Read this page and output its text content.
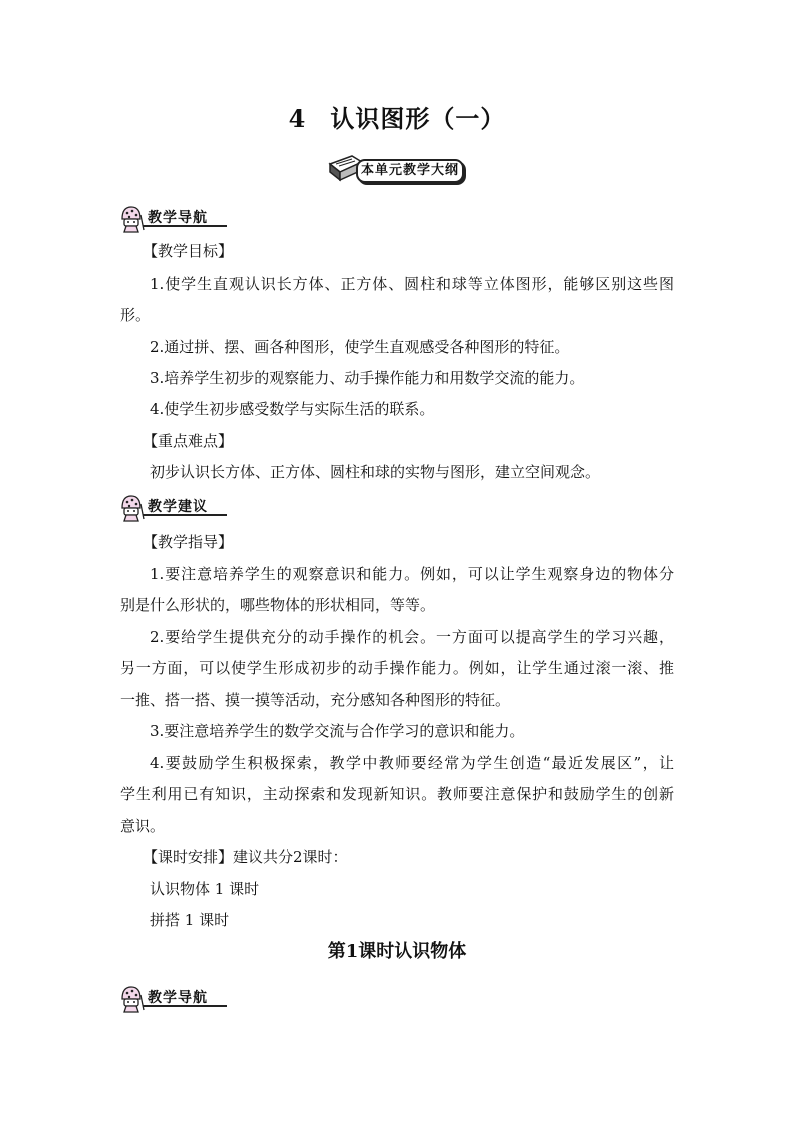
4 认识图形（一）
本单元教学大纲
教学导航
【教学目标】
1.使学生直观认识长方体、正方体、圆柱和球等立体图形，能够区别这些图
形。
2.通过拼、摆、画各种图形，使学生直观感受各种图形的特征。
3.培养学生初步的观察能力、动手操作能力和用数学交流的能力。
4.使学生初步感受数学与实际生活的联系。
【重点难点】
初步认识长方体、正方体、圆柱和球的实物与图形，建立空间观念。
教学建议
【教学指导】
1.要注意培养学生的观察意识和能力。例如，可以让学生观察身边的物体分
别是什么形状的，哪些物体的形状相同，等等。
2.要给学生提供充分的动手操作的机会。一方面可以提高学生的学习兴趣，
另一方面，可以使学生形成初步的动手操作能力。例如，让学生通过滚一滚、推
一推、搭一搭、摸一摸等活动，充分感知各种图形的特征。
3.要注意培养学生的数学交流与合作学习的意识和能力。
4.要鼓励学生积极探索，教学中教师要经常为学生创造“最近发展区”，让
学生利用已有知识，主动探索和发现新知识。教师要注意保护和鼓励学生的创新
意识。
【课时安排】建议共分2课时：
认识物体 1 课时
拼搭 1 课时
第1课时认识物体
教学导航
